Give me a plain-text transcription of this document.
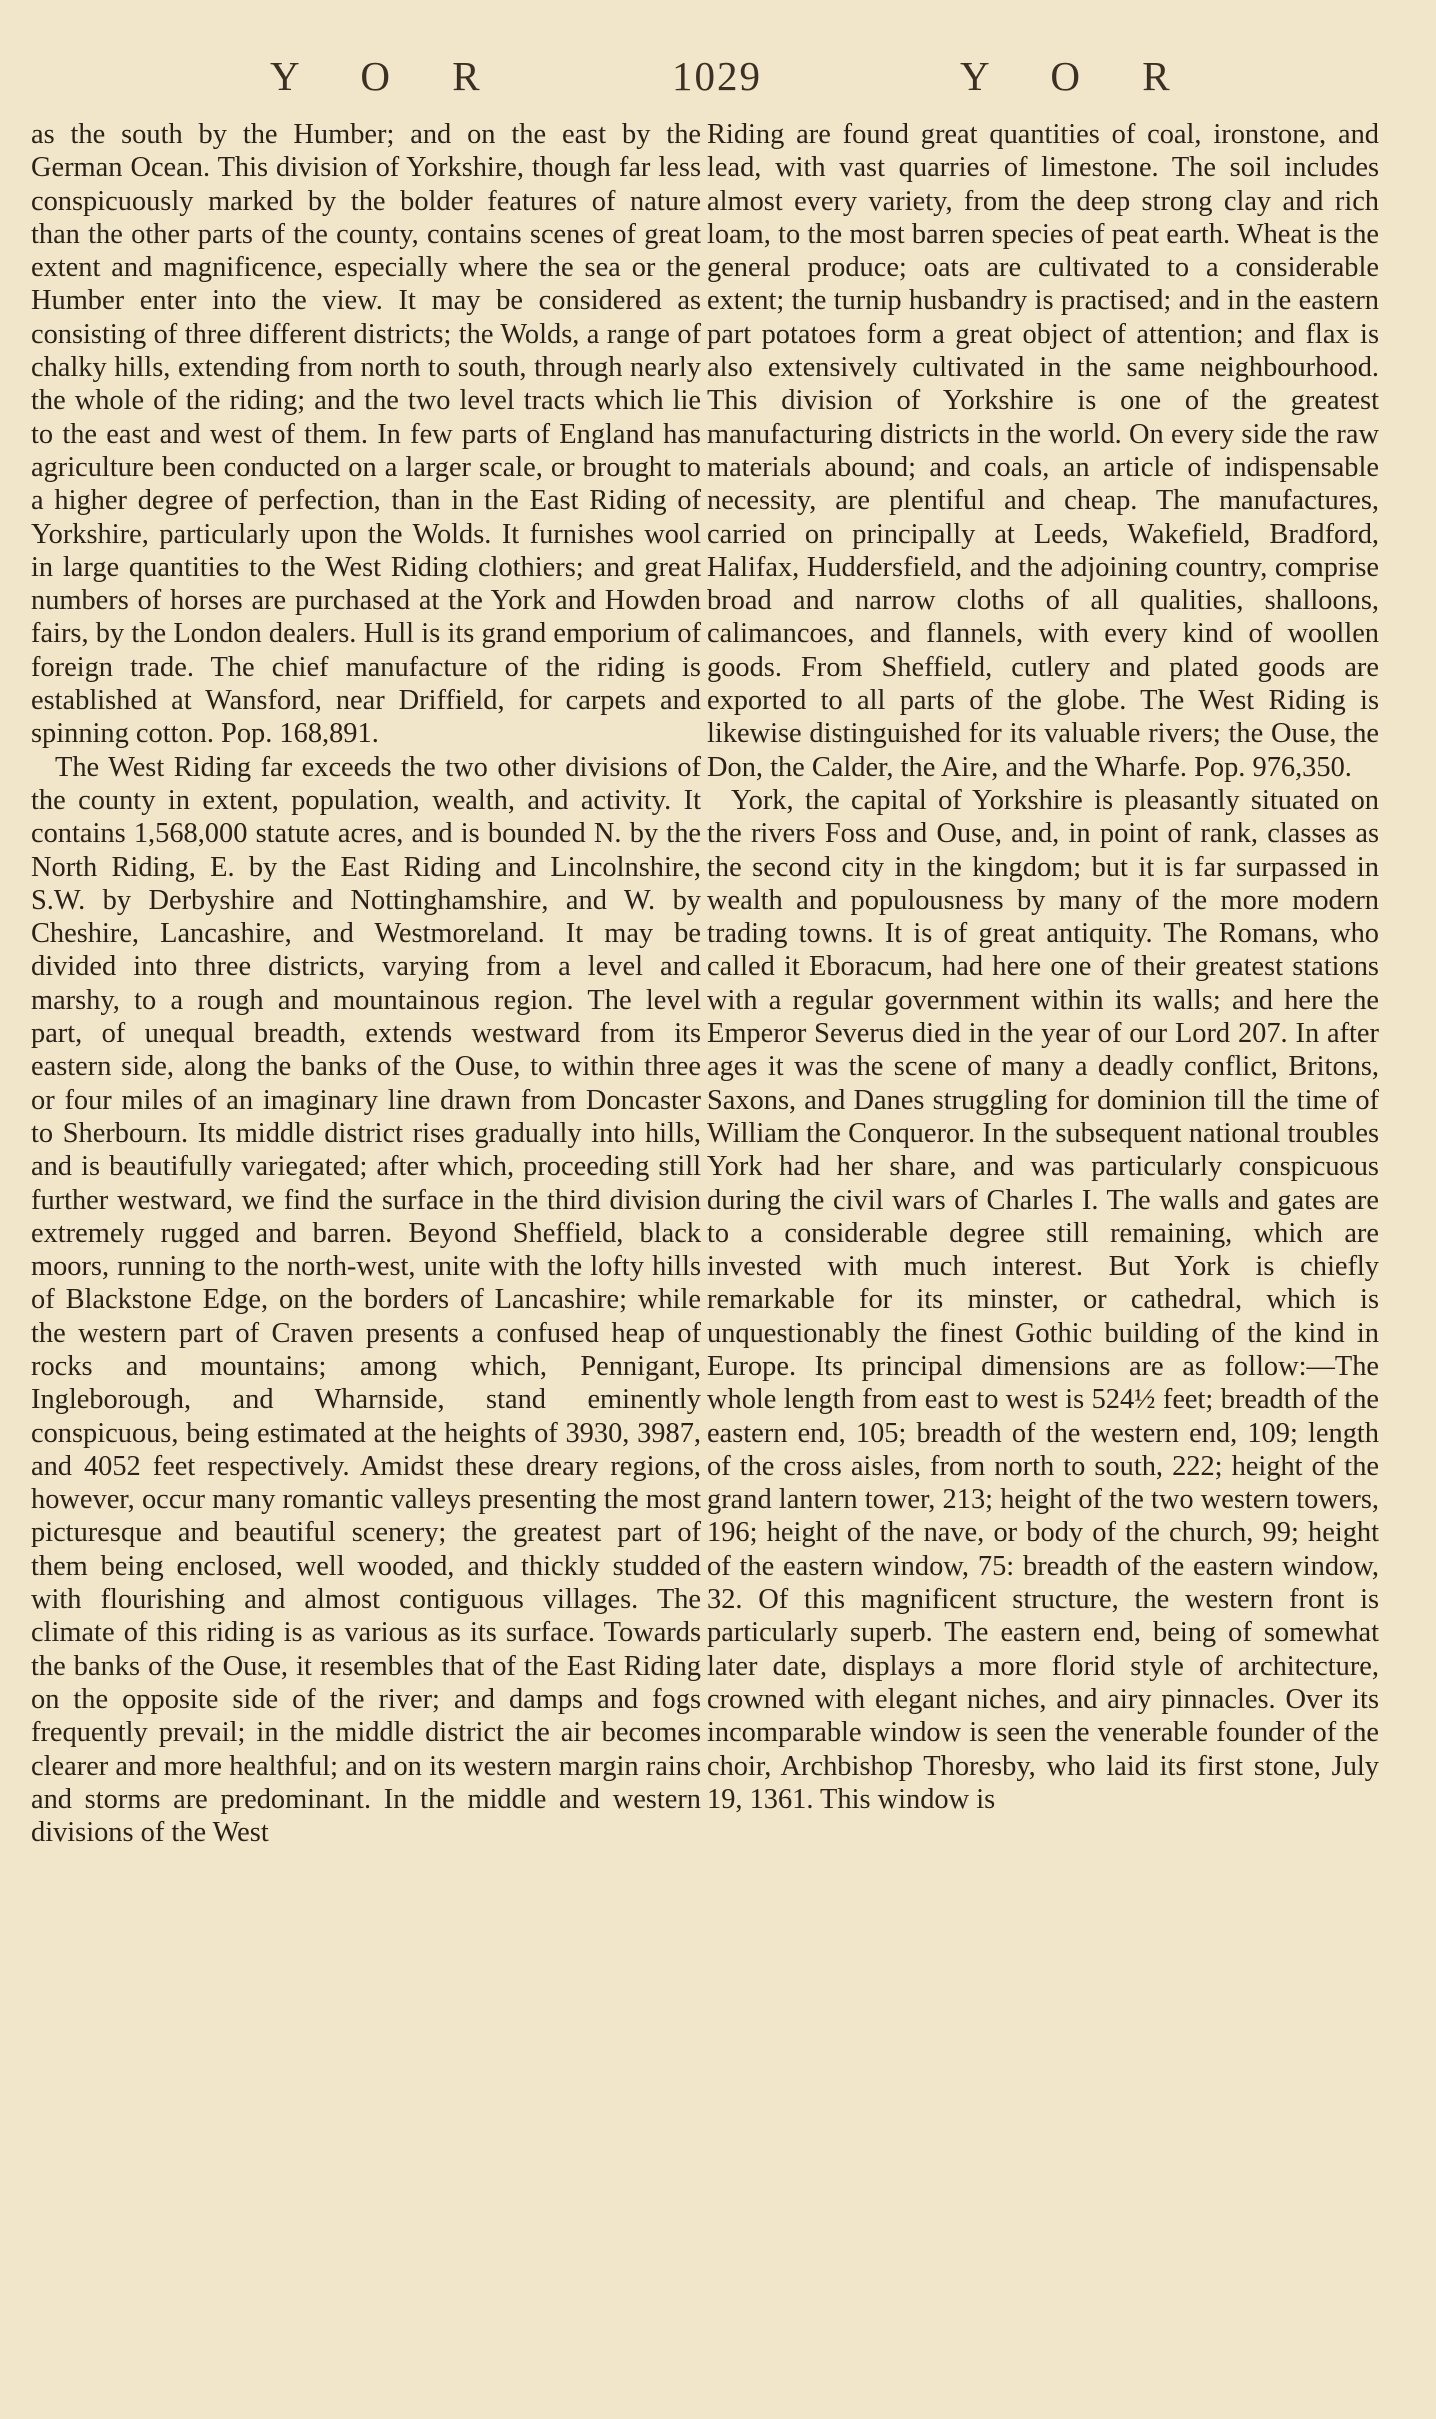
Y O R	1029	Y O R

as the south by the Humber; and on the east by the German Ocean. This division of Yorkshire, though far less conspicuously marked by the bolder features of nature than the other parts of the county, contains scenes of great extent and magnificence, especially where the sea or the Humber enter into the view. It may be considered as consisting of three different districts; the Wolds, a range of chalky hills, extending from north to south, through nearly the whole of the riding; and the two level tracts which lie to the east and west of them. In few parts of England has agriculture been conducted on a larger scale, or brought to a higher degree of perfection, than in the East Riding of Yorkshire, particularly upon the Wolds. It furnishes wool in large quantities to the West Riding clothiers; and great numbers of horses are purchased at the York and Howden fairs, by the London dealers. Hull is its grand emporium of foreign trade. The chief manufacture of the riding is established at Wansford, near Driffield, for carpets and spinning cotton. Pop. 168,891.

The West Riding far exceeds the two other divisions of the county in extent, population, wealth, and activity. It contains 1,568,000 statute acres, and is bounded N. by the North Riding, E. by the East Riding and Lincolnshire, S.W. by Derbyshire and Nottinghamshire, and W. by Cheshire, Lancashire, and Westmoreland. It may be divided into three districts, varying from a level and marshy, to a rough and mountainous region. The level part, of unequal breadth, extends westward from its eastern side, along the banks of the Ouse, to within three or four miles of an imaginary line drawn from Doncaster to Sherbourn. Its middle district rises gradually into hills, and is beautifully variegated; after which, proceeding still further westward, we find the surface in the third division extremely rugged and barren. Beyond Sheffield, black moors, running to the north-west, unite with the lofty hills of Blackstone Edge, on the borders of Lancashire; while the western part of Craven presents a confused heap of rocks and mountains; among which, Pennigant, Ingleborough, and Wharnside, stand eminently conspicuous, being estimated at the heights of 3930, 3987, and 4052 feet respectively. Amidst these dreary regions, however, occur many romantic valleys presenting the most picturesque and beautiful scenery; the greatest part of them being enclosed, well wooded, and thickly studded with flourishing and almost contiguous villages. The climate of this riding is as various as its surface. Towards the banks of the Ouse, it resembles that of the East Riding on the opposite side of the river; and damps and fogs frequently prevail; in the middle district the air becomes clearer and more healthful; and on its western margin rains and storms are predominant. In the middle and western divisions of the West

Riding are found great quantities of coal, ironstone, and lead, with vast quarries of limestone. The soil includes almost every variety, from the deep strong clay and rich loam, to the most barren species of peat earth. Wheat is the general produce; oats are cultivated to a considerable extent; the turnip husbandry is practised; and in the eastern part potatoes form a great object of attention; and flax is also extensively cultivated in the same neighbourhood. This division of Yorkshire is one of the greatest manufacturing districts in the world. On every side the raw materials abound; and coals, an article of indispensable necessity, are plentiful and cheap. The manufactures, carried on principally at Leeds, Wakefield, Bradford, Halifax, Huddersfield, and the adjoining country, comprise broad and narrow cloths of all qualities, shalloons, calimancoes, and flannels, with every kind of woollen goods. From Sheffield, cutlery and plated goods are exported to all parts of the globe. The West Riding is likewise distinguished for its valuable rivers; the Ouse, the Don, the Calder, the Aire, and the Wharfe. Pop. 976,350.

York, the capital of Yorkshire is pleasantly situated on the rivers Foss and Ouse, and, in point of rank, classes as the second city in the kingdom; but it is far surpassed in wealth and populousness by many of the more modern trading towns. It is of great antiquity. The Romans, who called it Eboracum, had here one of their greatest stations with a regular government within its walls; and here the Emperor Severus died in the year of our Lord 207. In after ages it was the scene of many a deadly conflict, Britons, Saxons, and Danes struggling for dominion till the time of William the Conqueror. In the subsequent national troubles York had her share, and was particularly conspicuous during the civil wars of Charles I. The walls and gates are to a considerable degree still remaining, which are invested with much interest. But York is chiefly remarkable for its minster, or cathedral, which is unquestionably the finest Gothic building of the kind in Europe. Its principal dimensions are as follow:—The whole length from east to west is 524½ feet; breadth of the eastern end, 105; breadth of the western end, 109; length of the cross aisles, from north to south, 222; height of the grand lantern tower, 213; height of the two western towers, 196; height of the nave, or body of the church, 99; height of the eastern window, 75: breadth of the eastern window, 32. Of this magnificent structure, the western front is particularly superb. The eastern end, being of somewhat later date, displays a more florid style of architecture, crowned with elegant niches, and airy pinnacles. Over its incomparable window is seen the venerable founder of the choir, Archbishop Thoresby, who laid its first stone, July 19, 1361. This window is
